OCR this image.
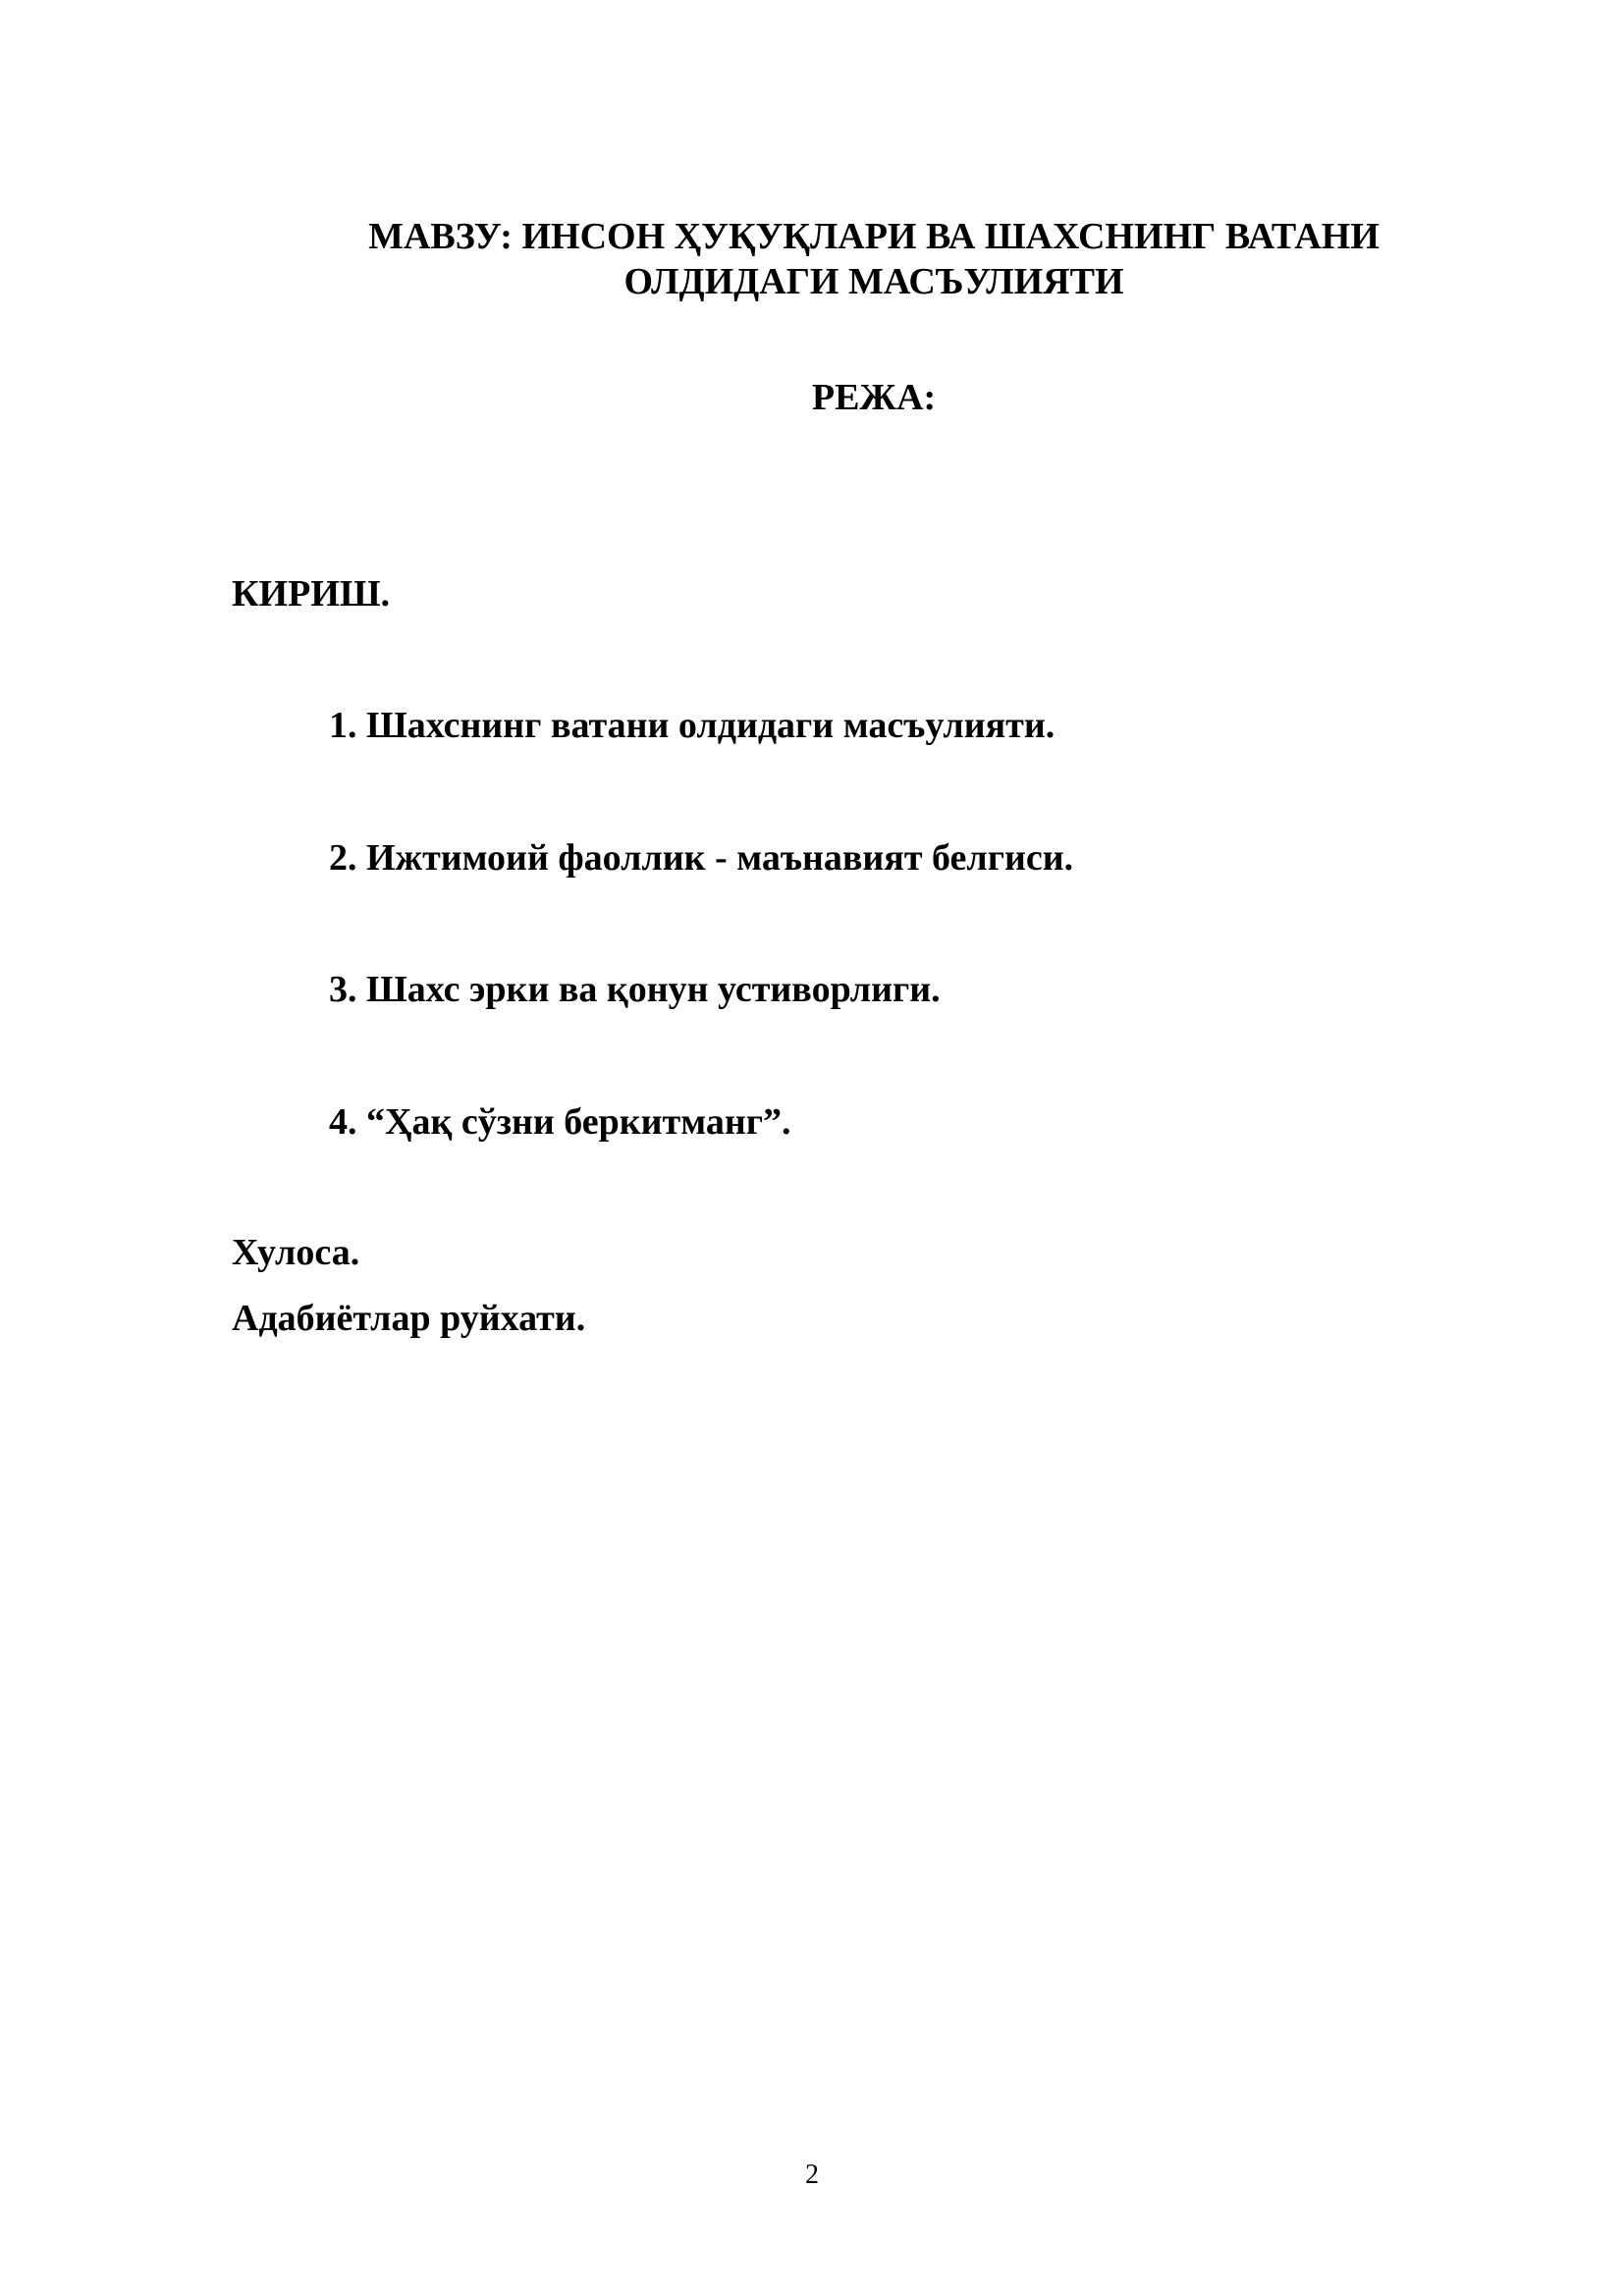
МАВЗУ: ИНСОН ҲУҚУҚЛАРИ ВА ШАХСНИНГ ВАТАНИ
ОЛДИДАГИ МАСЪУЛИЯТИ
РЕЖА:
КИРИШ.
1. Шахснинг ватани олдидаги масъулияти.
2. Ижтимоий фаоллик - маънавият белгиси.
3. Шахс эрки ва қонун устиворлиги.
4. “Ҳақ сўзни беркитманг”.
Хулоса.
Адабиётлар руйхати.
2
